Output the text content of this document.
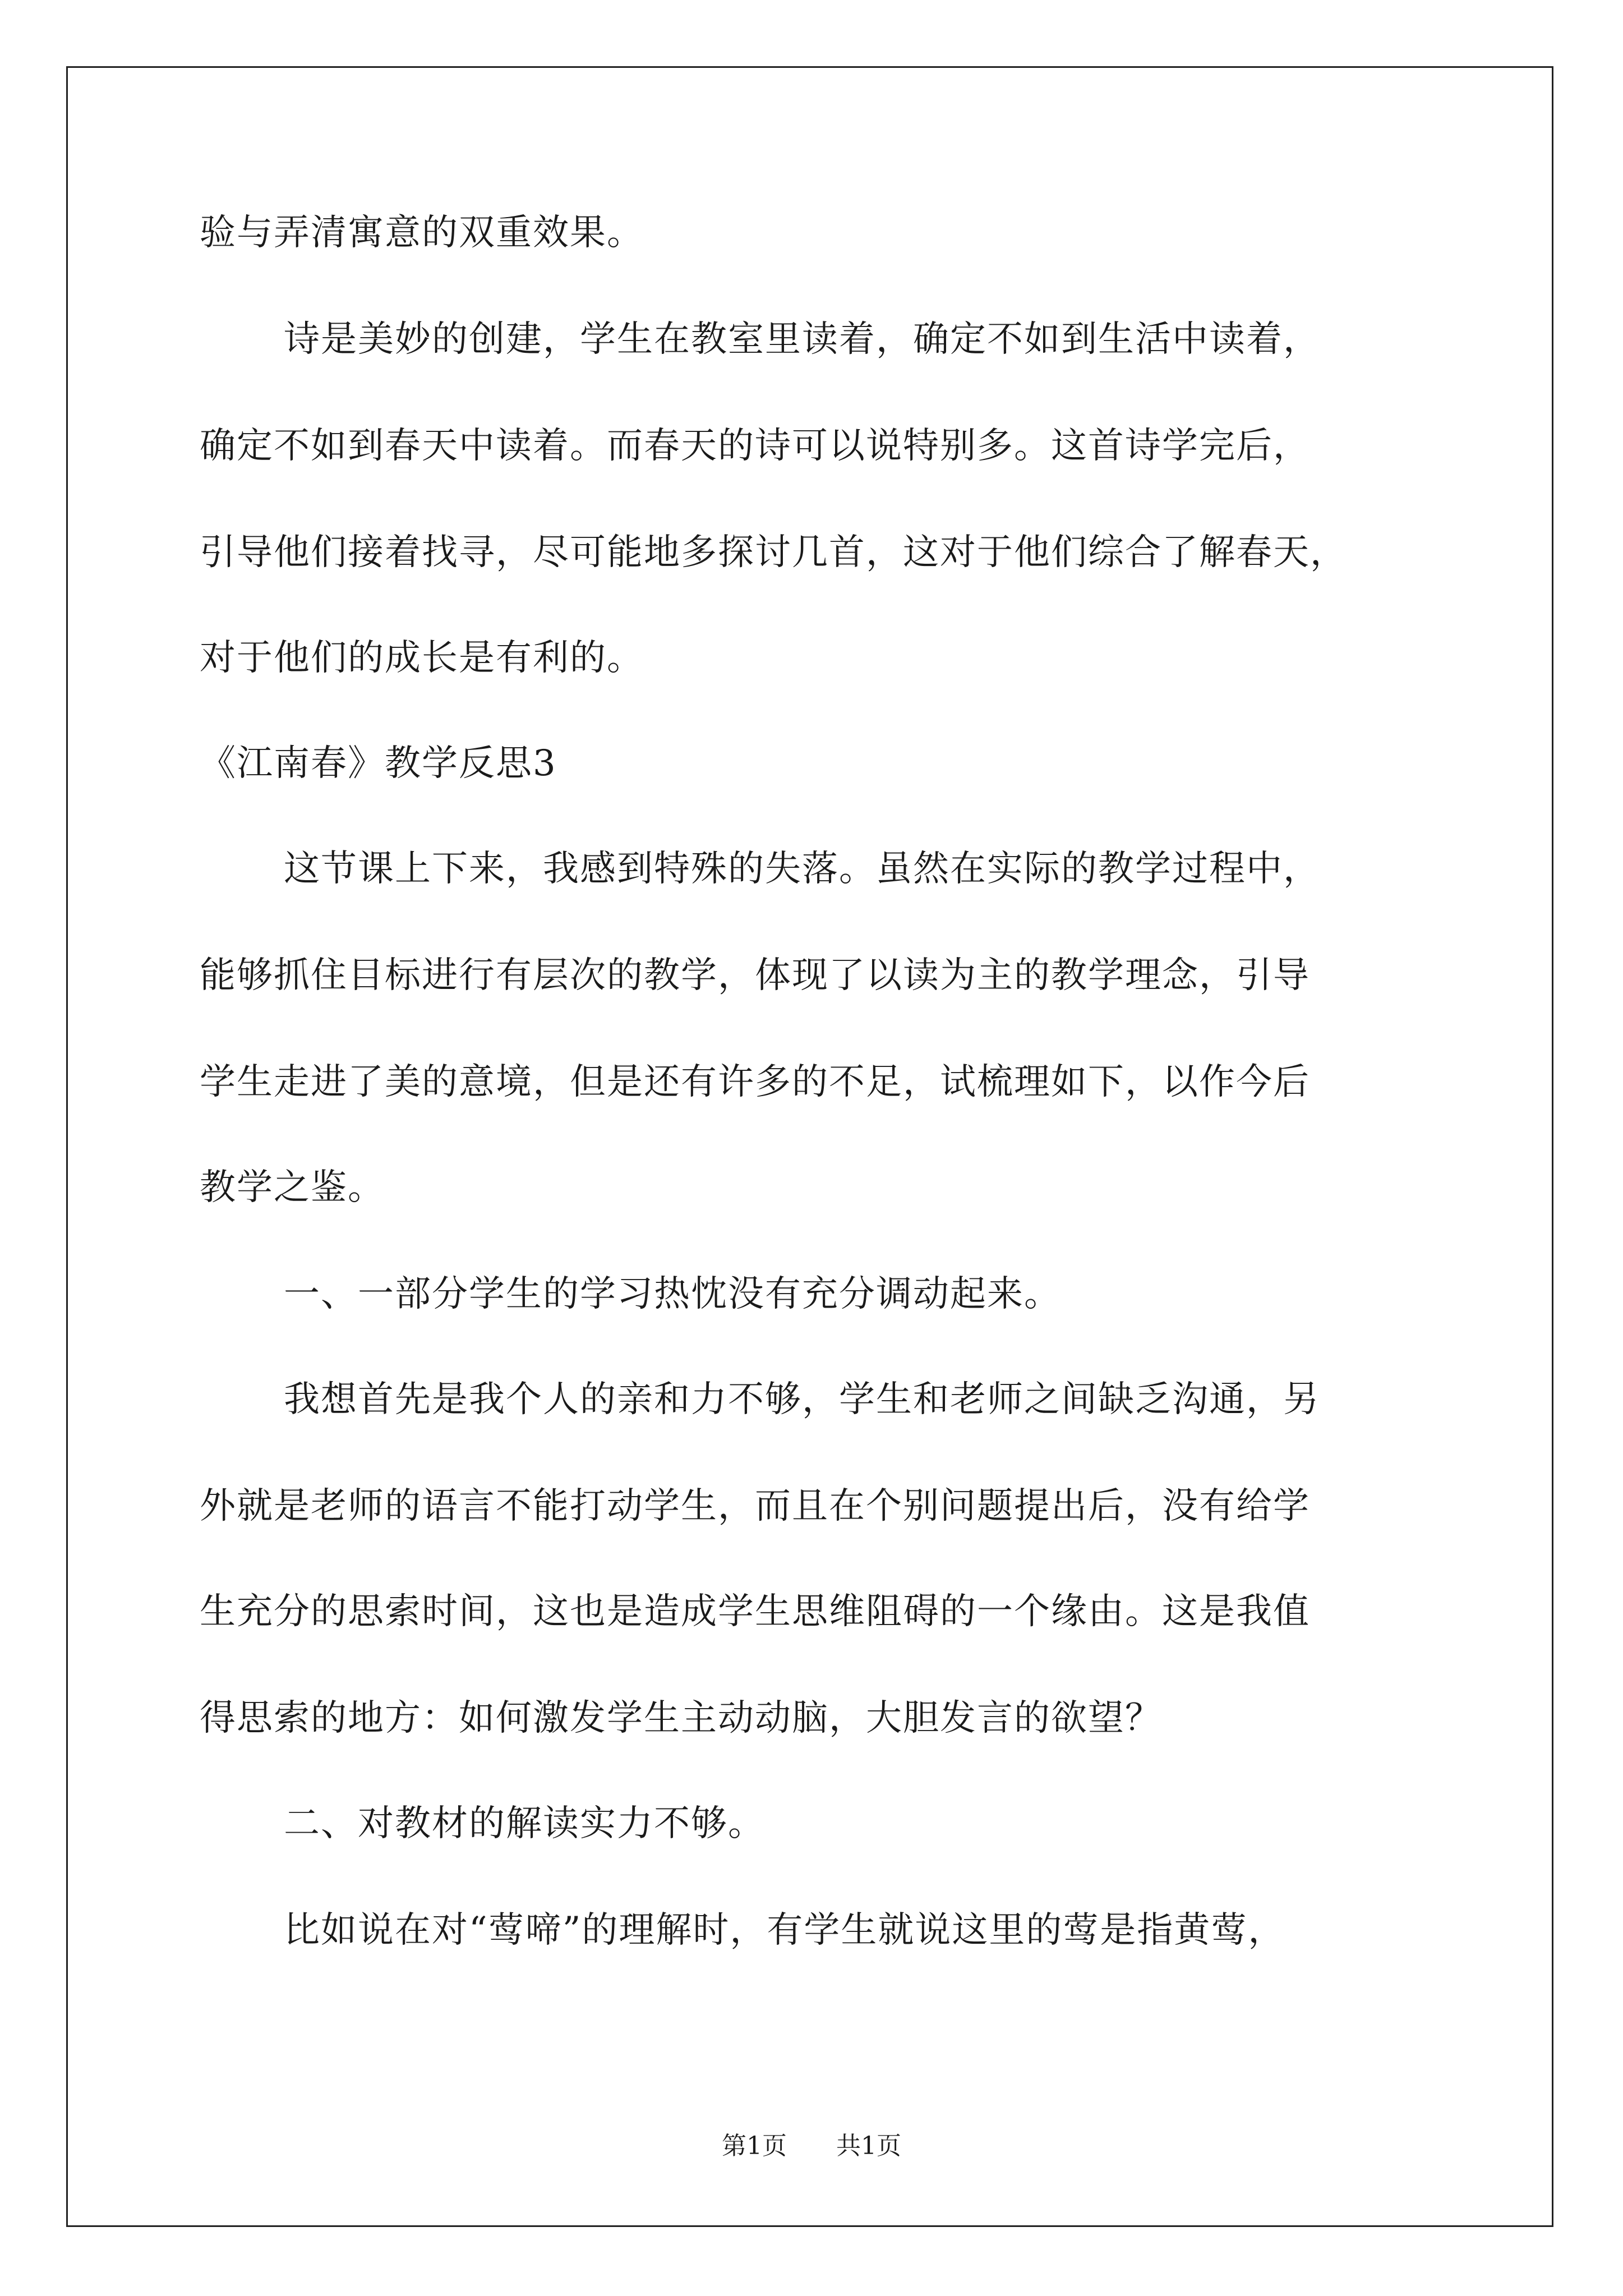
验与弄清寓意的双重效果。
诗是美妙的创建，学生在教室里读着，确定不如到生活中读着，
确定不如到春天中读着。而春天的诗可以说特别多。这首诗学完后，
引导他们接着找寻，尽可能地多探讨几首，这对于他们综合了解春天，
对于他们的成长是有利的。
《江南春》教学反思3
这节课上下来，我感到特殊的失落。虽然在实际的教学过程中，
能够抓住目标进行有层次的教学，体现了以读为主的教学理念，引导
学生走进了美的意境，但是还有许多的不足，试梳理如下，以作今后
教学之鉴。
一、一部分学生的学习热忱没有充分调动起来。
我想首先是我个人的亲和力不够，学生和老师之间缺乏沟通，另
外就是老师的语言不能打动学生，而且在个别问题提出后，没有给学
生充分的思索时间，这也是造成学生思维阻碍的一个缘由。这是我值
得思索的地方：如何激发学生主动动脑，大胆发言的欲望？
二、对教材的解读实力不够。
比如说在对“莺啼”的理解时，有学生就说这里的莺是指黄莺，
第1页 共1页
